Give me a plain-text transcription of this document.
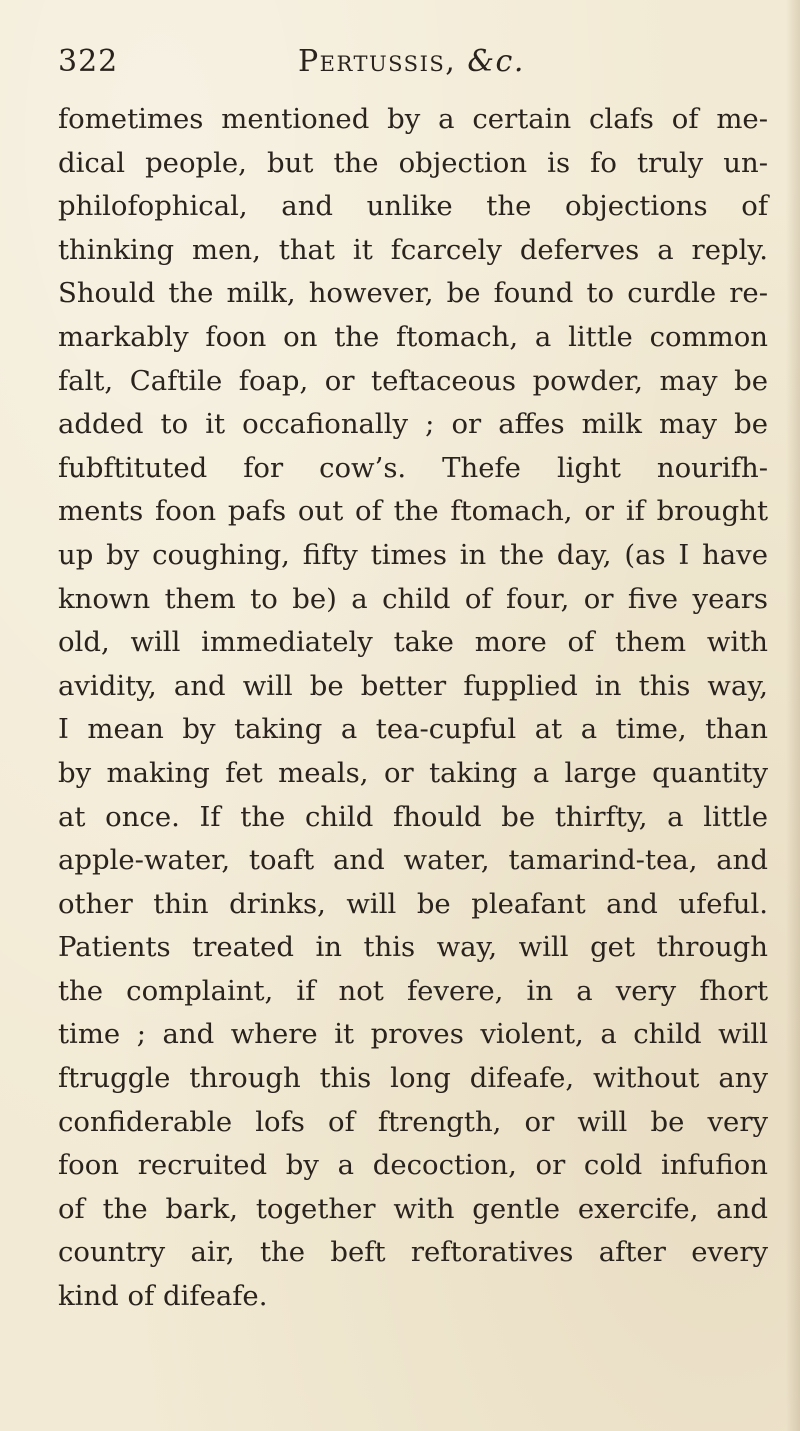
322	Pertussis, &c.
fometimes mentioned by a certain clafs of me-
dical people, but the objection is fo truly un-
philofophical, and unlike the objections of
thinking men, that it fcarcely deferves a reply.
Should the milk, however, be found to curdle re-
markably foon on the ftomach, a little common
falt, Caftile foap, or teftaceous powder, may be
added to it occafionally ; or affes milk may be
fubftituted for cow’s. Thefe light nourifh-
ments foon pafs out of the ftomach, or if brought
up by coughing, fifty times in the day, (as I have
known them to be) a child of four, or five years
old, will immediately take more of them with
avidity, and will be better fupplied in this way,
I mean by taking a tea-cupful at a time, than
by making fet meals, or taking a large quantity
at once. If the child fhould be thirfty, a little
apple-water, toaft and water, tamarind-tea, and
other thin drinks, will be pleafant and ufeful.
Patients treated in this way, will get through
the complaint, if not fevere, in a very fhort
time ; and where it proves violent, a child will
ftruggle through this long difeafe, without any
confiderable lofs of ftrength, or will be very
foon recruited by a decoction, or cold infufion
of the bark, together with gentle exercife, and
country air, the beft reftoratives after every
kind of difeafe.
